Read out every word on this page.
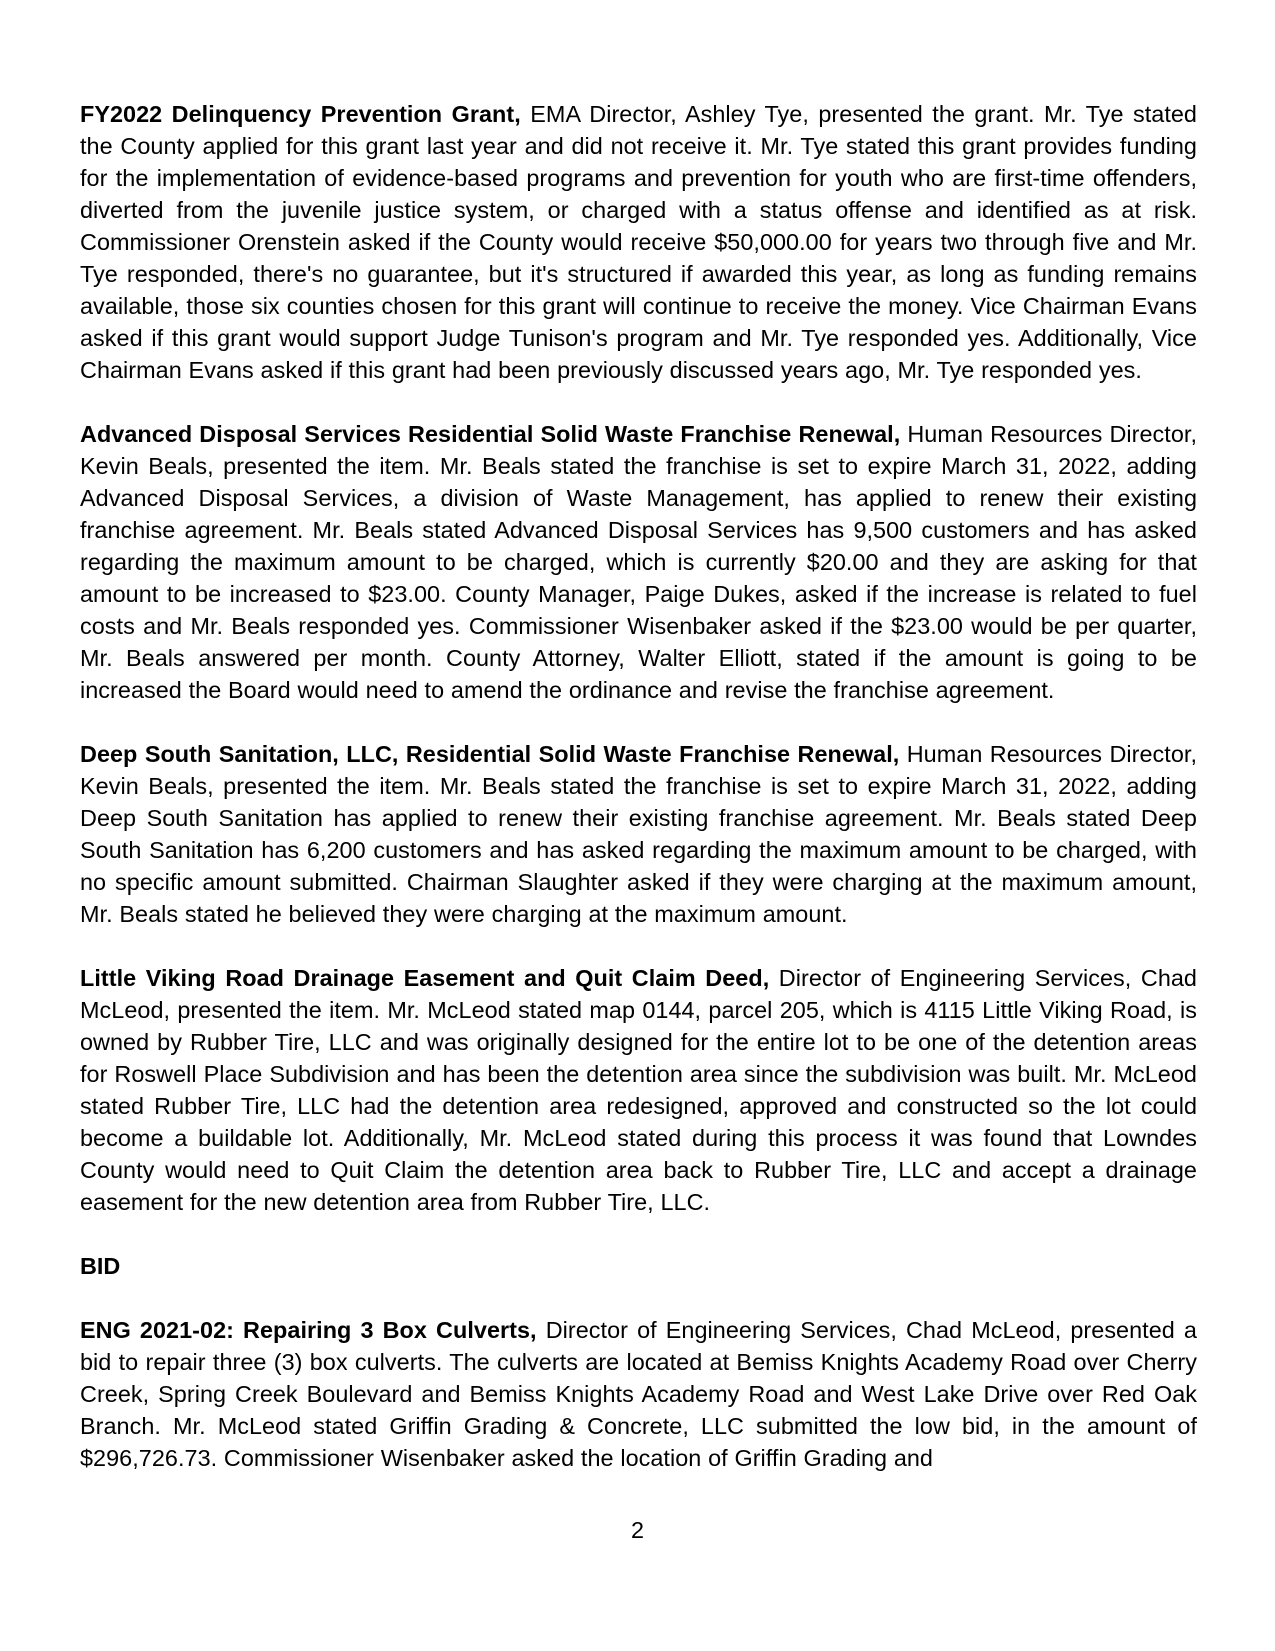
FY2022 Delinquency Prevention Grant, EMA Director, Ashley Tye, presented the grant. Mr. Tye stated the County applied for this grant last year and did not receive it. Mr. Tye stated this grant provides funding for the implementation of evidence-based programs and prevention for youth who are first-time offenders, diverted from the juvenile justice system, or charged with a status offense and identified as at risk. Commissioner Orenstein asked if the County would receive $50,000.00 for years two through five and Mr. Tye responded, there's no guarantee, but it's structured if awarded this year, as long as funding remains available, those six counties chosen for this grant will continue to receive the money. Vice Chairman Evans asked if this grant would support Judge Tunison's program and Mr. Tye responded yes. Additionally, Vice Chairman Evans asked if this grant had been previously discussed years ago, Mr. Tye responded yes.

Advanced Disposal Services Residential Solid Waste Franchise Renewal, Human Resources Director, Kevin Beals, presented the item. Mr. Beals stated the franchise is set to expire March 31, 2022, adding Advanced Disposal Services, a division of Waste Management, has applied to renew their existing franchise agreement. Mr. Beals stated Advanced Disposal Services has 9,500 customers and has asked regarding the maximum amount to be charged, which is currently $20.00 and they are asking for that amount to be increased to $23.00. County Manager, Paige Dukes, asked if the increase is related to fuel costs and Mr. Beals responded yes. Commissioner Wisenbaker asked if the $23.00 would be per quarter, Mr. Beals answered per month. County Attorney, Walter Elliott, stated if the amount is going to be increased the Board would need to amend the ordinance and revise the franchise agreement.

Deep South Sanitation, LLC, Residential Solid Waste Franchise Renewal, Human Resources Director, Kevin Beals, presented the item. Mr. Beals stated the franchise is set to expire March 31, 2022, adding Deep South Sanitation has applied to renew their existing franchise agreement. Mr. Beals stated Deep South Sanitation has 6,200 customers and has asked regarding the maximum amount to be charged, with no specific amount submitted. Chairman Slaughter asked if they were charging at the maximum amount, Mr. Beals stated he believed they were charging at the maximum amount.

Little Viking Road Drainage Easement and Quit Claim Deed, Director of Engineering Services, Chad McLeod, presented the item. Mr. McLeod stated map 0144, parcel 205, which is 4115 Little Viking Road, is owned by Rubber Tire, LLC and was originally designed for the entire lot to be one of the detention areas for Roswell Place Subdivision and has been the detention area since the subdivision was built. Mr. McLeod stated Rubber Tire, LLC had the detention area redesigned, approved and constructed so the lot could become a buildable lot. Additionally, Mr. McLeod stated during this process it was found that Lowndes County would need to Quit Claim the detention area back to Rubber Tire, LLC and accept a drainage easement for the new detention area from Rubber Tire, LLC.

BID

ENG 2021-02: Repairing 3 Box Culverts, Director of Engineering Services, Chad McLeod, presented a bid to repair three (3) box culverts. The culverts are located at Bemiss Knights Academy Road over Cherry Creek, Spring Creek Boulevard and Bemiss Knights Academy Road and West Lake Drive over Red Oak Branch. Mr. McLeod stated Griffin Grading & Concrete, LLC submitted the low bid, in the amount of $296,726.73. Commissioner Wisenbaker asked the location of Griffin Grading and

2
